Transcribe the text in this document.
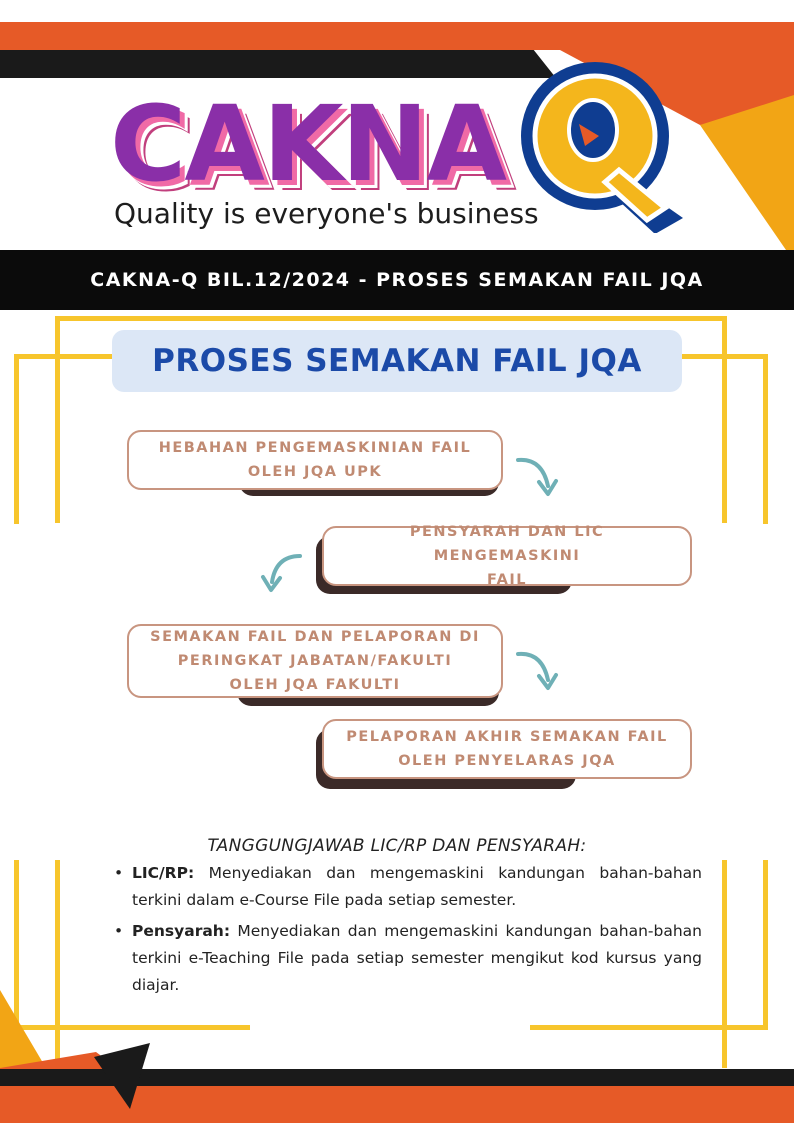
CAKNA
Quality is everyone's business
CAKNA-Q BIL.12/2024 - PROSES SEMAKAN FAIL JQA
PROSES SEMAKAN FAIL JQA
HEBAHAN PENGEMASKINIAN FAIL
OLEH JQA UPK
PENSYARAH DAN LIC MENGEMASKINI
FAIL
SEMAKAN FAIL DAN PELAPORAN DI
PERINGKAT JABATAN/FAKULTI
OLEH JQA FAKULTI
PELAPORAN AKHIR SEMAKAN FAIL
OLEH PENYELARAS JQA
TANGGUNGJAWAB LIC/RP DAN PENSYARAH:
• LIC/RP: Menyediakan dan mengemaskini kandungan bahan-bahan terkini dalam e-Course File pada setiap semester.
• Pensyarah: Menyediakan dan mengemaskini kandungan bahan-bahan terkini e-Teaching File pada setiap semester mengikut kod kursus yang diajar.
